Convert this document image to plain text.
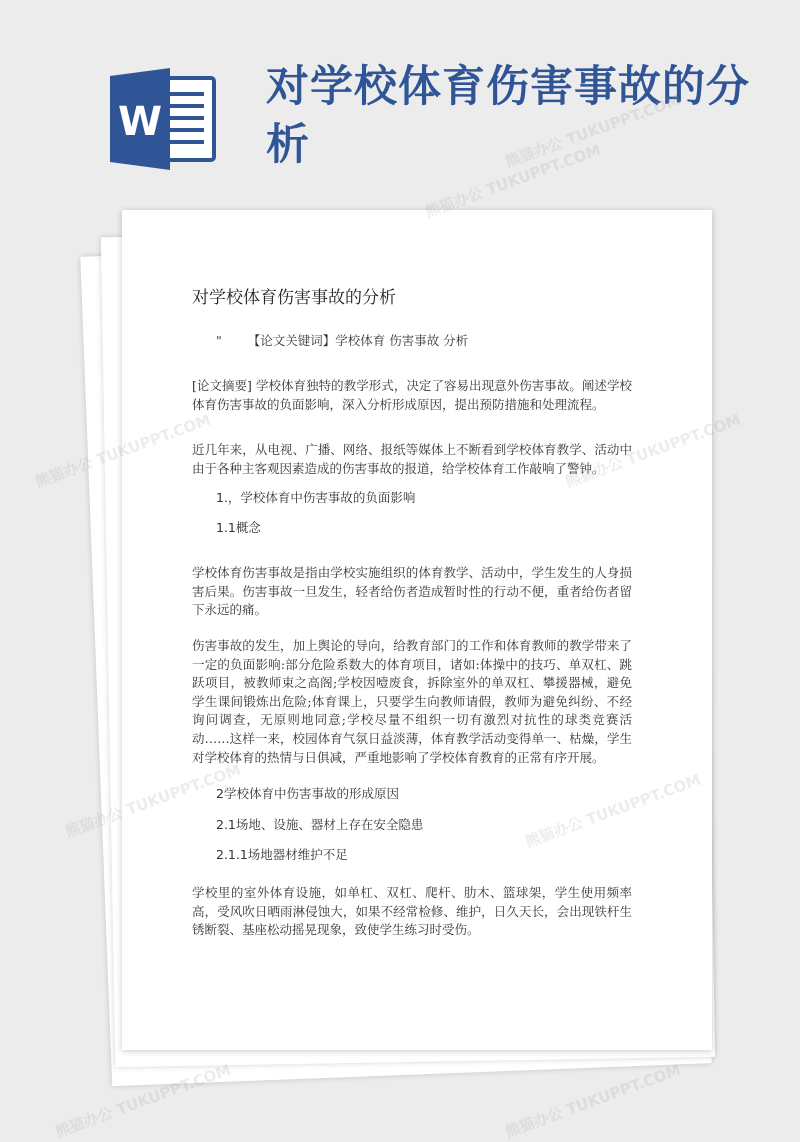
W
对学校体育伤害事故的分析
对学校体育伤害事故的分析
" 【论文关键词】学校体育 伤害事故 分析

[论文摘要] 学校体育独特的教学形式，决定了容易出现意外伤害事故。阐述学校体育伤害事故的负面影响，深入分析形成原因，提出预防措施和处理流程。

近几年来，从电视、广播、网络、报纸等媒体上不断看到学校体育教学、活动中由于各种主客观因素造成的伤害事故的报道，给学校体育工作敲响了警钟。

1.，学校体育中伤害事故的负面影响
1.1概念

学校体育伤害事故是指由学校实施组织的体育教学、活动中，学生发生的人身损害后果。伤害事故一旦发生，轻者给伤者造成暂时性的行动不便，重者给伤者留下永远的痛。

伤害事故的发生，加上舆论的导向，给教育部门的工作和体育教师的教学带来了一定的负面影响:部分危险系数大的体育项目，诸如:体操中的技巧、单双杠、跳跃项目，被教师束之高阁;学校因噎废食，拆除室外的单双杠、攀援器械，避免学生课间锻炼出危险;体育课上，只要学生向教师请假，教师为避免纠纷、不经询问调查，无原则地同意;学校尽量不组织一切有激烈对抗性的球类竞赛活动……这样一来，校园体育气氛日益淡薄，体育教学活动变得单一、枯燥，学生对学校体育的热情与日俱减，严重地影响了学校体育教育的正常有序开展。

2学校体育中伤害事故的形成原因
2.1场地、设施、器材上存在安全隐患
2.1.1场地器材维护不足

学校里的室外体育设施，如单杠、双杠、爬杆、肋木、篮球架，学生使用频率高，受风吹日晒雨淋侵蚀大，如果不经常检修、维护，日久天长，会出现铁杆生锈断裂、基座松动摇晃现象，致使学生练习时受伤。

熊猫办公 TUKUPPT.COM
熊猫办公 TUKUPPT.COM
熊猫办公
熊猫办公
熊猫办公 TUKUPPT.COM	熊猫办公 TUKUPPT.COM
